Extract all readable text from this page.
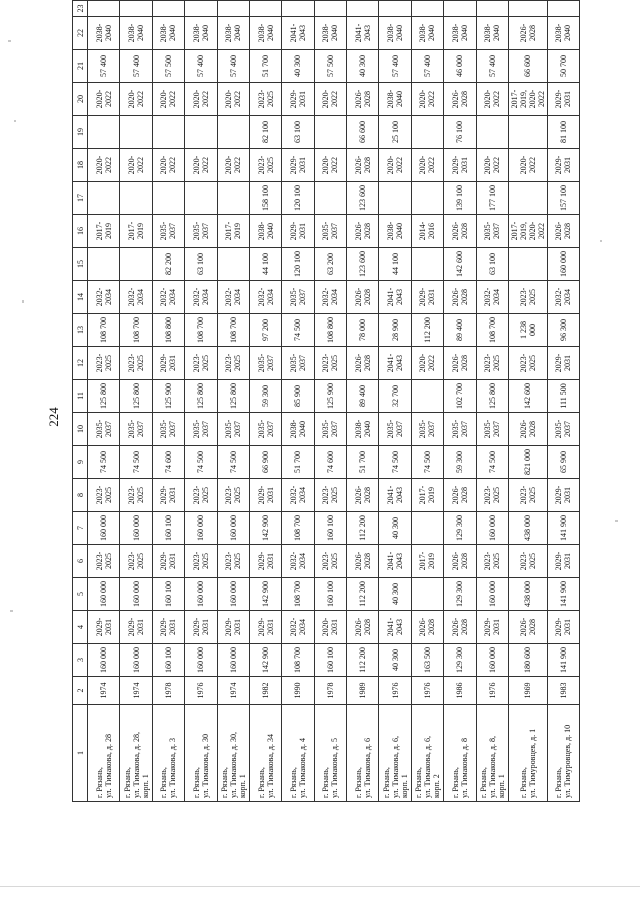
224
1	2	3	4	5	6	7	8	9	10	11	12	13	14	15	16	17	18	19	20	21	22	23	
г. Рязань,
ул. Тимакова, д. 28	1974	160 000	2029-
2031	160 000	2023-
2025	160 000	2023-
2025	74 500	2035-
2037	125 800	2023-
2025	108 700	2032-
2034		2017-
2019		2020-
2022		2020-
2022	57 400	2038-
2040		
г. Рязань,
ул. Тимакова, д. 28,
корп. 1	1974	160 000	2029-
2031	160 000	2023-
2025	160 000	2023-
2025	74 500	2035-
2037	125 800	2023-
2025	108 700	2032-
2034		2017-
2019		2020-
2022		2020-
2022	57 400	2038-
2040		
г. Рязань,
ул. Тимакова, д. 3	1978	160 100	2029-
2031	160 100	2029-
2031	160 100	2029-
2031	74 600	2035-
2037	125 900	2029-
2031	108 800	2032-
2034	82 200	2035-
2037		2020-
2022		2020-
2022	57 500	2038-
2040		
г. Рязань,
ул. Тимакова, д. 30	1976	160 000	2029-
2031	160 000	2023-
2025	160 000	2023-
2025	74 500	2035-
2037	125 800	2023-
2025	108 700	2032-
2034	63 100	2035-
2037		2020-
2022		2020-
2022	57 400	2038-
2040		
г. Рязань,
ул. Тимакова, д. 30,
корп. 1	1974	160 000	2029-
2031	160 000	2023-
2025	160 000	2023-
2025	74 500	2035-
2037	125 800	2023-
2025	108 700	2032-
2034		2017-
2019		2020-
2022		2020-
2022	57 400	2038-
2040		
г. Рязань,
ул. Тимакова, д. 34	1982	142 900	2029-
2031	142 900	2029-
2031	142 900	2029-
2031	66 900	2035-
2037	59 300	2035-
2037	97 200	2032-
2034	44 100	2038-
2040	158 100	2023-
2025	82 100	2023-
2025	51 700	2038-
2040		
г. Рязань,
ул. Тимакова, д. 4	1990	108 700	2032-
2034	108 700	2032-
2034	108 700	2032-
2034	51 700	2038-
2040	85 900	2035-
2037	74 500	2035-
2037	120 100	2029-
2031	120 100	2029-
2031	63 100	2029-
2031	40 300	2041-
2043		
г. Рязань,
ул. Тимакова, д. 5	1978	160 100	2020-
2031	160 100	2023-
2025	160 100	2023-
2025	74 600	2035-
2037	125 900	2023-
2025	108 800	2032-
2034	63 200	2035-
2037		2020-
2022		2020-
2022	57 500	2038-
2040		
г. Рязань,
ул. Тимакова, д. 6	1989	112 200	2026-
2028	112 200	2026-
2028	112 200	2026-
2028	51 700	2038-
2040	89 400	2026-
2028	78 000	2026-
2028	123 600	2026-
2028	123 600	2026-
2028	66 600	2026-
2028	40 300	2041-
2043		
г. Рязань,
ул. Тимакова, д. 6,
корп. 1	1976	40 300	2041-
2043	40 300	2041-
2043	40 300	2041-
2043	74 500	2035-
2037	32 700	2041-
2043	28 900	2041-
2043	44 100	2038-
2040		2020-
2022	25 100	2038-
2040	57 400	2038-
2040		
г. Рязань,
ул. Тимакова, д. 6,
корп. 2	1976	163 500	2026-
2028		2017-
2019		2017-
2019	74 500	2035-
2037		2020-
2022	112 200	2029-
2031		2014-
2016		2020-
2022		2020-
2022	57 400	2038-
2040		
г. Рязань,
ул. Тимакова, д. 8	1986	129 300	2026-
2028	129 300	2026-
2028	129 300	2026-
2028	59 300	2035-
2037	102 700	2026-
2028	89 400	2026-
2028	142 600	2026-
2028	139 100	2029-
2031	76 100	2026-
2028	46 000	2038-
2040		
г. Рязань,
ул. Тимакова, д. 8,
корп. 1	1976	160 000	2029-
2031	160 000	2023-
2025	160 000	2023-
2025	74 500	2035-
2037	125 800	2023-
2025	108 700	2032-
2034	63 100	2035-
2037	177 100	2020-
2022		2020-
2022	57 400	2038-
2040		
г. Рязань,
ул. Тимуровцев, д. 1	1969	180 600	2026-
2028	438 000	2023-
2025	438 000	2023-
2025	821 000	2026-
2028	142 600	2023-
2025	1 238 000	2023-
2025		2017-
2019,
2020-
2022		2020-
2022		2017-
2019,
2020-
2022	66 600	2026-
2028		
г. Рязань,
ул. Тимуровцев, д. 10	1983	141 900	2029-
2031	141 900	2029-
2031	141 900	2029-
2031	65 900	2035-
2037	111 500	2029-
2031	96 300	2032-
2034	160 000	2026-
2028	157 100	2029-
2031	81 100	2029-
2031	50 700	2038-
2040		
